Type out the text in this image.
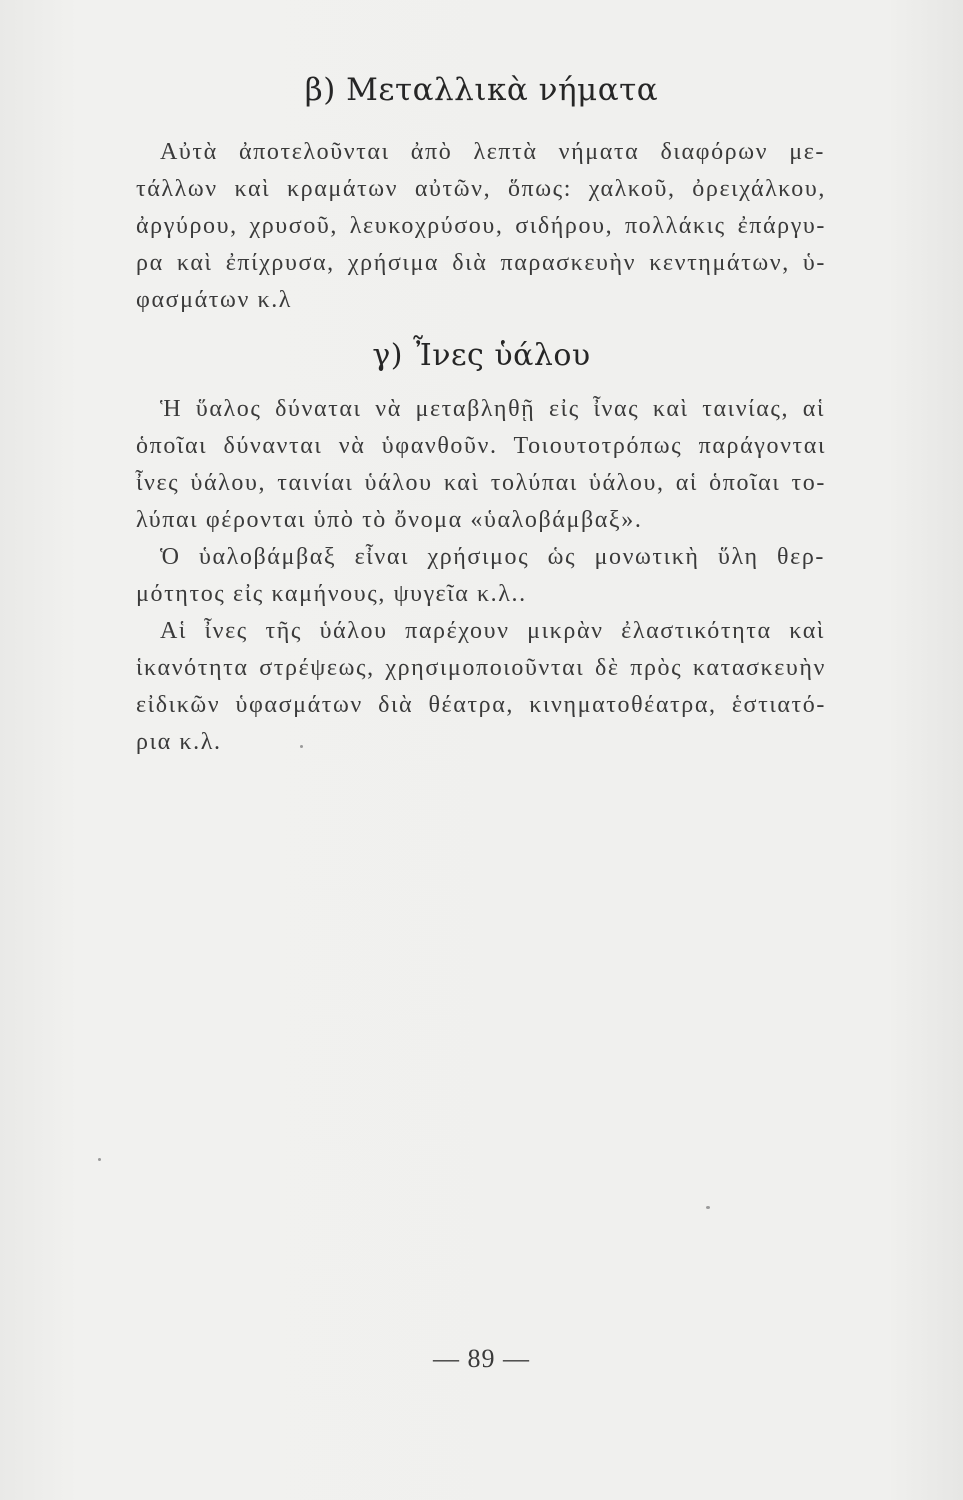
β) Μεταλλικὰ νήματα
Αὐτὰ ἀποτελοῦνται ἀπὸ λεπτὰ νήματα διαφόρων με-
τάλλων καὶ κραμάτων αὐτῶν, ὅπως: χαλκοῦ, ὀρειχάλκου,
ἀργύρου, χρυσοῦ, λευκοχρύσου, σιδήρου, πολλάκις ἐπάργυ-
ρα καὶ ἐπίχρυσα, χρήσιμα διὰ παρασκευὴν κεντημάτων, ὑ-
φασμάτων κ.λ
γ) Ἶνες ὑάλου
Ἡ ὕαλος δύναται νὰ μεταβληθῇ εἰς ἶνας καὶ ταινίας, αἱ
ὁποῖαι δύνανται νὰ ὑφανθοῦν. Τοιουτοτρόπως παράγονται
ἶνες ὑάλου, ταινίαι ὑάλου καὶ τολύπαι ὑάλου, αἱ ὁποῖαι το-
λύπαι φέρονται ὑπὸ τὸ ὄνομα «ὑαλοβάμβαξ».
Ὁ ὑαλοβάμβαξ εἶναι χρήσιμος ὡς μονωτικὴ ὕλη θερ-
μότητος εἰς καμήνους, ψυγεῖα κ.λ..
Αἱ ἶνες τῆς ὑάλου παρέχουν μικρὰν ἐλαστικότητα καὶ
ἱκανότητα στρέψεως, χρησιμοποιοῦνται δὲ πρὸς κατασκευὴν
εἰδικῶν ὑφασμάτων διὰ θέατρα, κινηματοθέατρα, ἑστιατό-
ρια κ.λ.
— 89 —
